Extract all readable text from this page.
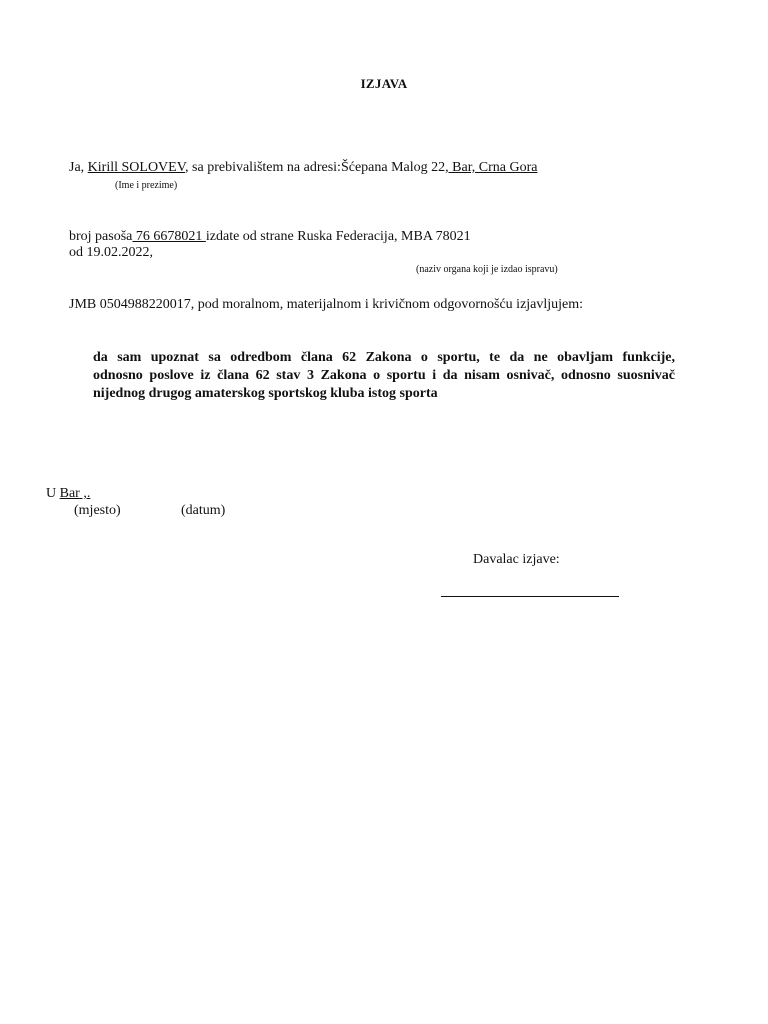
IZJAVA
Ja, Kirill SOLOVEV, sa prebivalištem na adresi:Šćepana Malog 22, Bar, Crna Gora
(Ime i prezime)
broj pasoša 76 6678021 izdate od strane Ruska Federacija, MBA 78021
od 19.02.2022,
(naziv organa koji je izdao ispravu)
JMB 0504988220017, pod moralnom, materijalnom i krivičnom odgovornošću izjavljujem:
da sam upoznat sa odredbom člana 62 Zakona o sportu, te da ne obavljam funkcije,
odnosno poslove iz člana 62 stav 3 Zakona o sportu i da nisam osnivač, odnosno suosnivač
nijednog drugog amaterskog sportskog kluba istog sporta
U Bar ,.
(mjesto)	(datum)
Davalac izjave:
